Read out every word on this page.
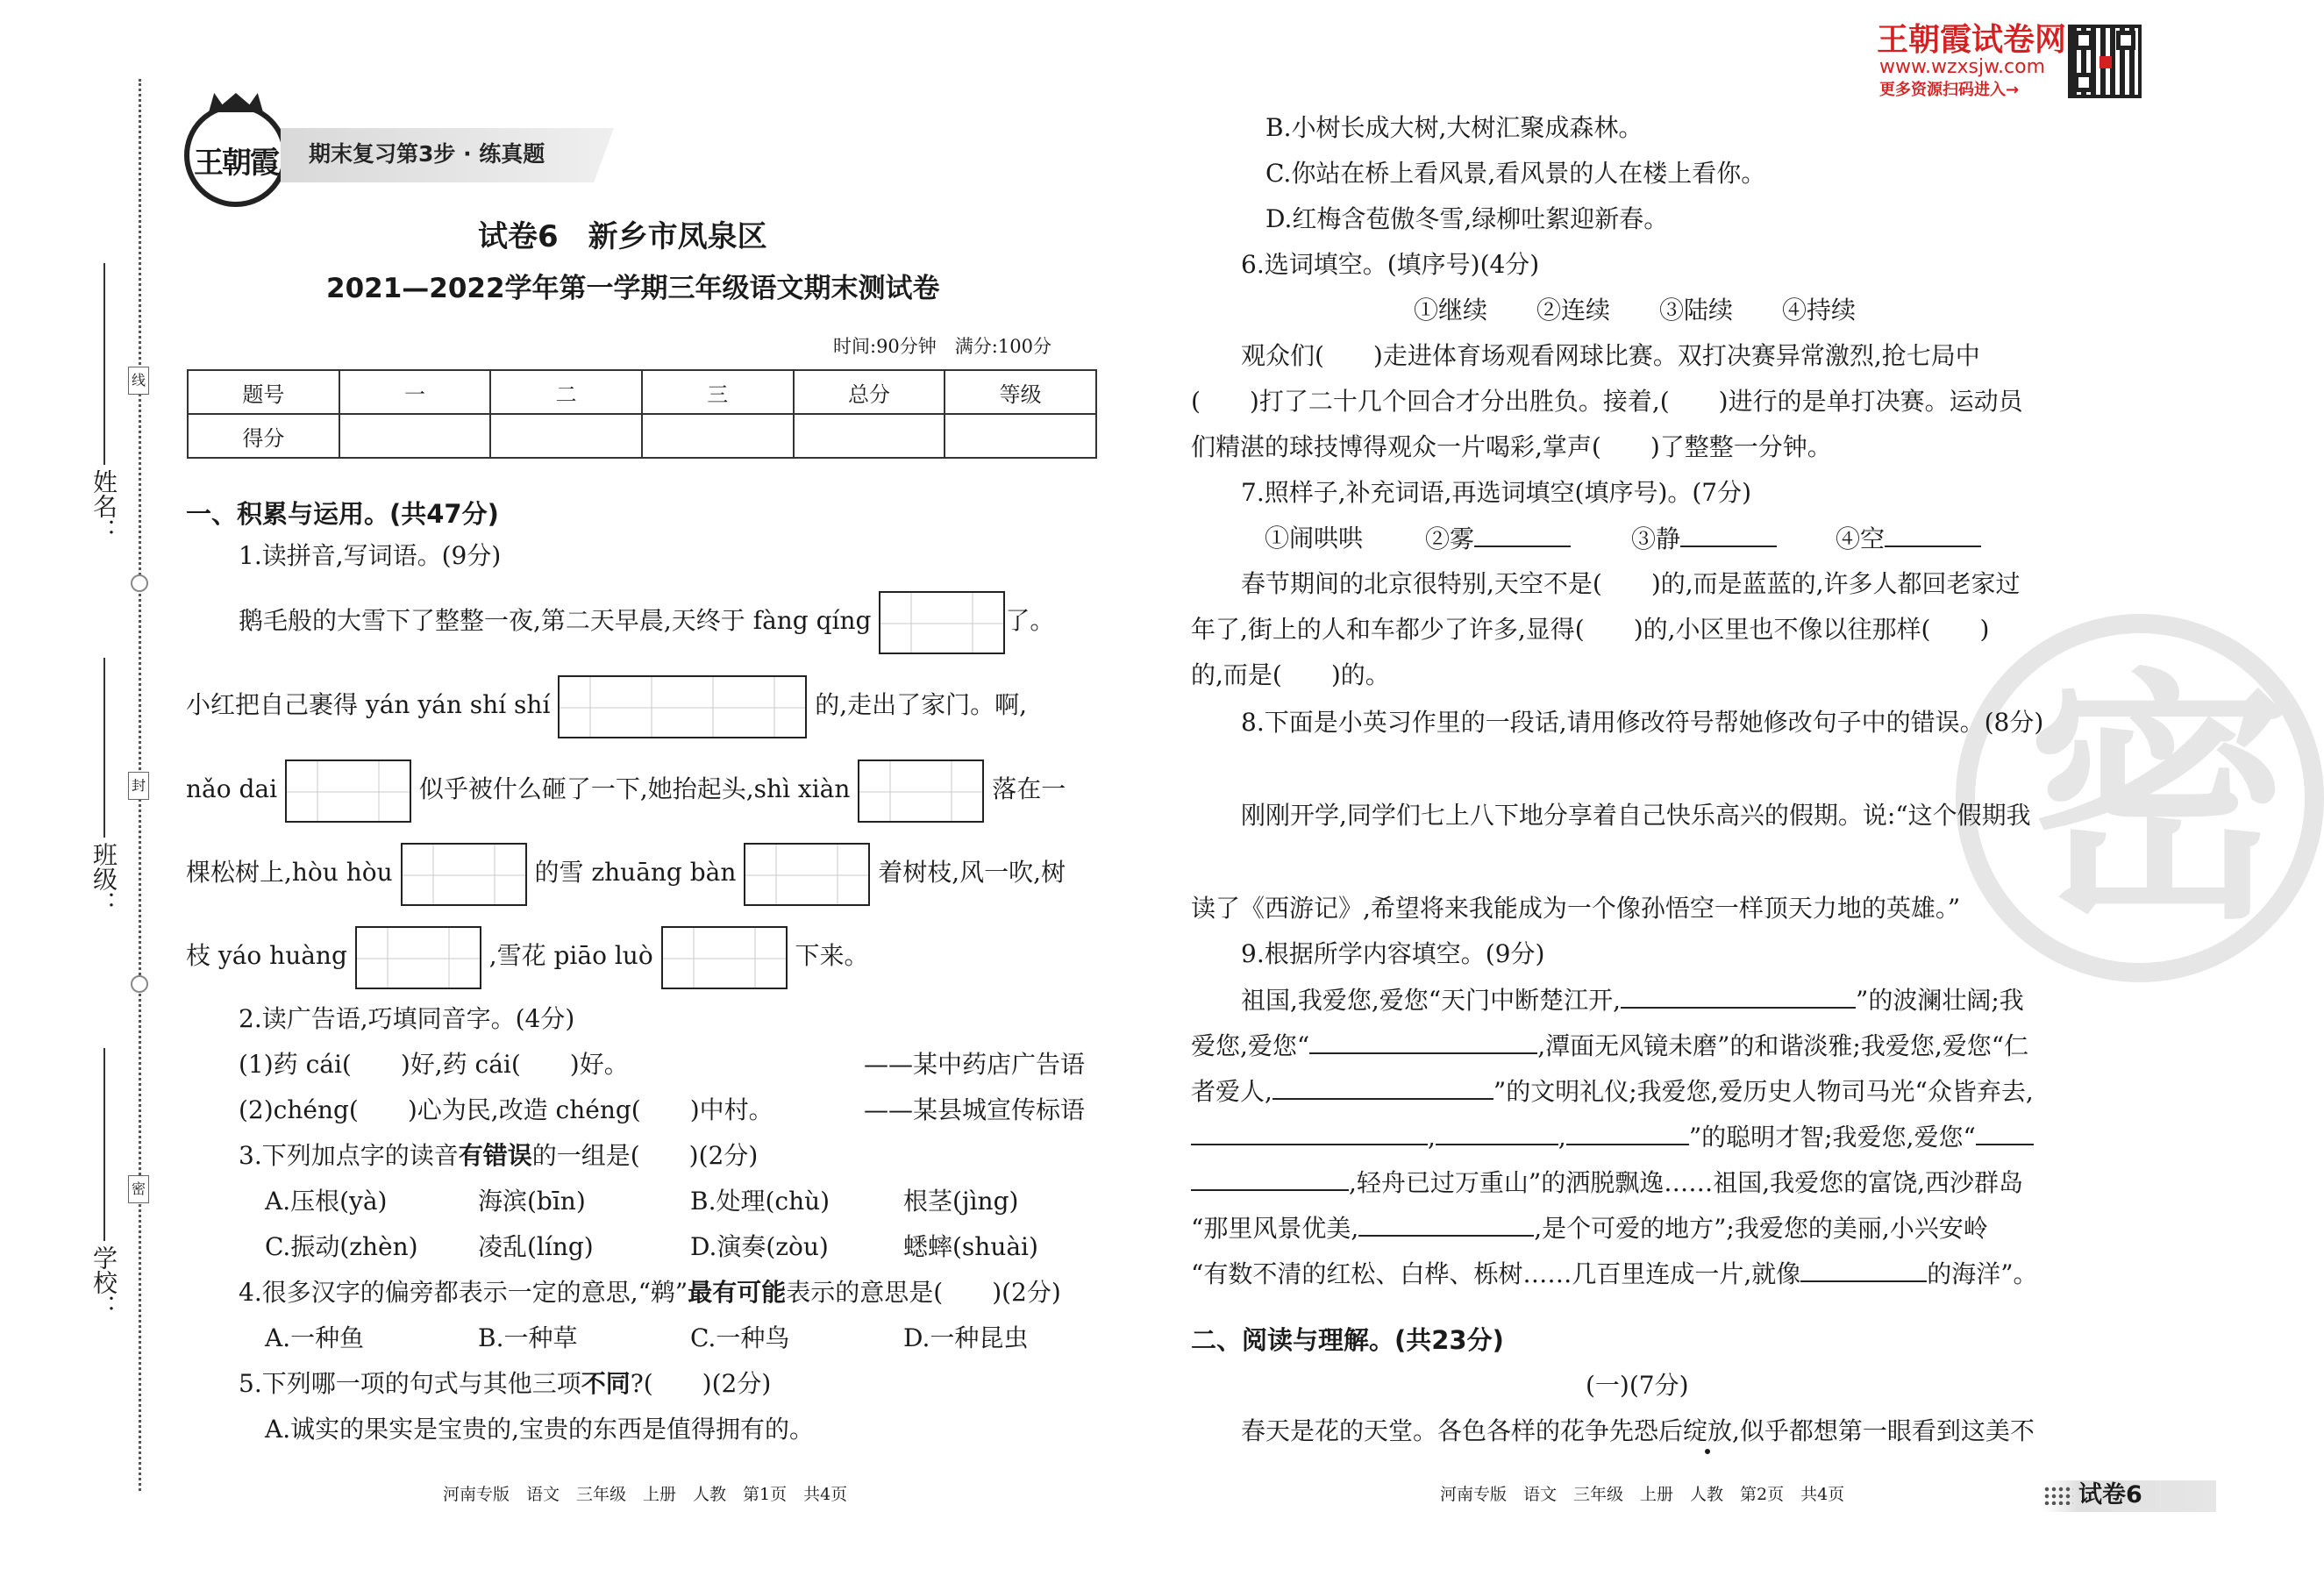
线
封
密
姓名：
班级：
学校：
王朝霞 期末复习第3步 · 练真题
王朝霞试卷网
www.wzxsjw.com
更多资源扫码进入→
密
试卷6　新乡市凤泉区
2021—2022学年第一学期三年级语文期末测试卷
时间:90分钟　满分:100分
题号	一	二	三	总分	等级
得分					
一、积累与运用。(共47分)
1.读拼音,写词语。(9分)
鹅毛般的大雪下了整整一夜,第二天早晨,天终于 fàng qíng	了。
小红把自己裹得 yán yán shí shí	的,走出了家门。啊,
nǎo dai	似乎被什么砸了一下,她抬起头,shì xiàn	落在一
棵松树上,hòu hòu	的雪 zhuāng bàn	着树枝,风一吹,树
枝 yáo huàng	,雪花 piāo luò	下来。
2.读广告语,巧填同音字。(4分)
(1)药 cái(　　)好,药 cái(　　)好。	——某中药店广告语
(2)chéng(　　)心为民,改造 chéng(　　)中村。	——某县城宣传标语
3.下列加点字的读音有错误的一组是(　　)(2分)
A.压根(yà)	海滨(bīn)	B.处理(chù)	根茎(jìng)
C.振动(zhèn) 凌乱(líng)	D.演奏(zòu)	蟋蟀(shuài)
4.很多汉字的偏旁都表示一定的意思,“鹈”最有可能表示的意思是(　　)(2分)
A.一种鱼	B.一种草	C.一种鸟	D.一种昆虫
5.下列哪一项的句式与其他三项不同?(　　)(2分)
A.诚实的果实是宝贵的,宝贵的东西是值得拥有的。
河南专版　语文　三年级　上册　人教　第1页　共4页
B.小树长成大树,大树汇聚成森林。
C.你站在桥上看风景,看风景的人在楼上看你。
D.红梅含苞傲冬雪,绿柳吐絮迎新春。
6.选词填空。(填序号)(4分)
①继续　　②连续　　③陆续　　④持续
观众们(　　)走进体育场观看网球比赛。双打决赛异常激烈,抢七局中
(　　)打了二十几个回合才分出胜负。接着,(　　)进行的是单打决赛。运动员
们精湛的球技博得观众一片喝彩,掌声(　　)了整整一分钟。
7.照样子,补充词语,再选词填空(填序号)。(7分)
①闹哄哄	②雾	③静	④空
春节期间的北京很特别,天空不是(　　)的,而是蓝蓝的,许多人都回老家过
年了,街上的人和车都少了许多,显得(　　)的,小区里也不像以往那样(　　)
的,而是(　　)的。
8.下面是小英习作里的一段话,请用修改符号帮她修改句子中的错误。(8分)
刚刚开学,同学们七上八下地分享着自己快乐高兴的假期。说:“这个假期我
读了《西游记》,希望将来我能成为一个像孙悟空一样顶天力地的英雄。”
9.根据所学内容填空。(9分)
祖国,我爱您,爱您“天门中断楚江开,	”的波澜壮阔;我
爱您,爱您“	,潭面无风镜未磨”的和谐淡雅;我爱您,爱您“仁
者爱人,	”的文明礼仪;我爱您,爱历史人物司马光“众皆弃去,
,	,	”的聪明才智;我爱您,爱您“
,轻舟已过万重山”的洒脱飘逸……祖国,我爱您的富饶,西沙群岛
“那里风景优美,	,是个可爱的地方”;我爱您的美丽,小兴安岭
“有数不清的红松、白桦、栎树……几百里连成一片,就像	的海洋”。
二、阅读与理解。(共23分)
(一)(7分)
春天是花的天堂。各色各样的花争先恐后绽放,似乎都想第一眼看到这美不
河南专版　语文　三年级　上册　人教　第2页　共4页	试卷6
